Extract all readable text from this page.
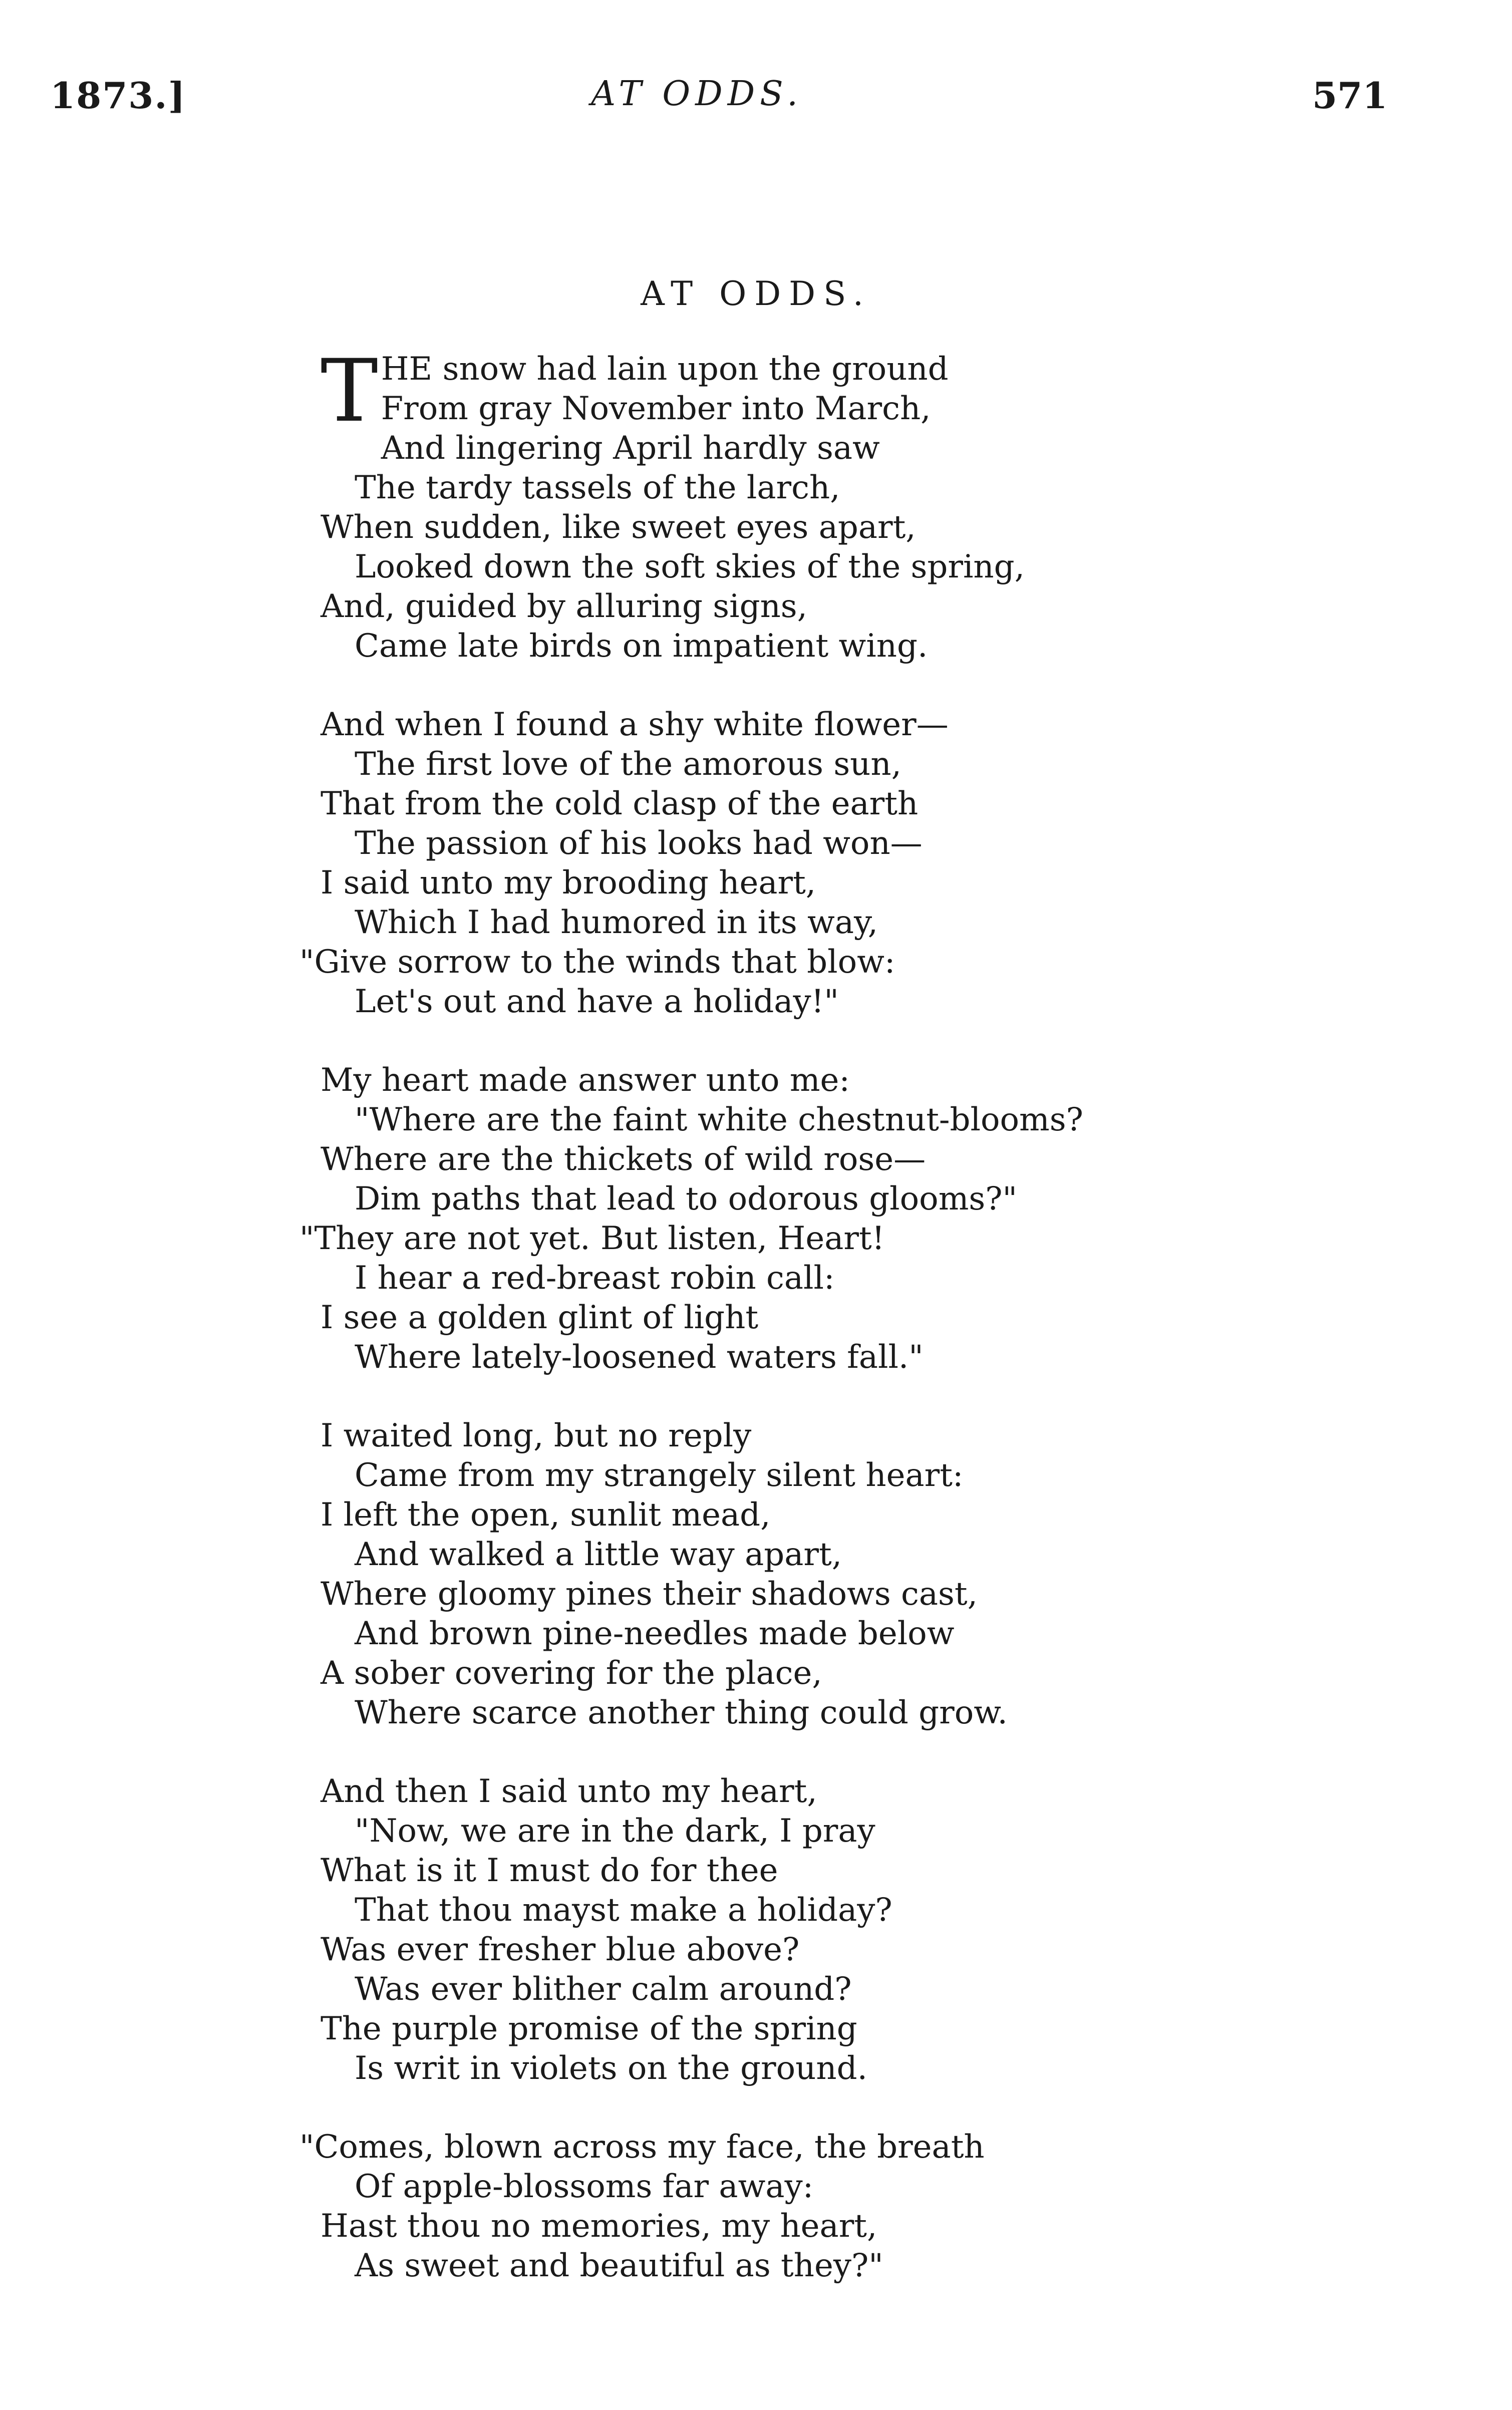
1873.]	AT ODDS.	571
AT ODDS.
T HE snow had lain upon the ground
From gray November into March,
And lingering April hardly saw
The tardy tassels of the larch,
When sudden, like sweet eyes apart,
Looked down the soft skies of the spring,
And, guided by alluring signs,
Came late birds on impatient wing.
And when I found a shy white flower—
The first love of the amorous sun,
That from the cold clasp of the earth
The passion of his looks had won—
I said unto my brooding heart,
Which I had humored in its way,
"Give sorrow to the winds that blow:
Let's out and have a holiday!"
My heart made answer unto me:
"Where are the faint white chestnut-blooms?
Where are the thickets of wild rose—
Dim paths that lead to odorous glooms?"
"They are not yet. But listen, Heart!
I hear a red-breast robin call:
I see a golden glint of light
Where lately-loosened waters fall."
I waited long, but no reply
Came from my strangely silent heart:
I left the open, sunlit mead,
And walked a little way apart,
Where gloomy pines their shadows cast,
And brown pine-needles made below
A sober covering for the place,
Where scarce another thing could grow.
And then I said unto my heart,
"Now, we are in the dark, I pray
What is it I must do for thee
That thou mayst make a holiday?
Was ever fresher blue above?
Was ever blither calm around?
The purple promise of the spring
Is writ in violets on the ground.
"Comes, blown across my face, the breath
Of apple-blossoms far away:
Hast thou no memories, my heart,
As sweet and beautiful as they?"
